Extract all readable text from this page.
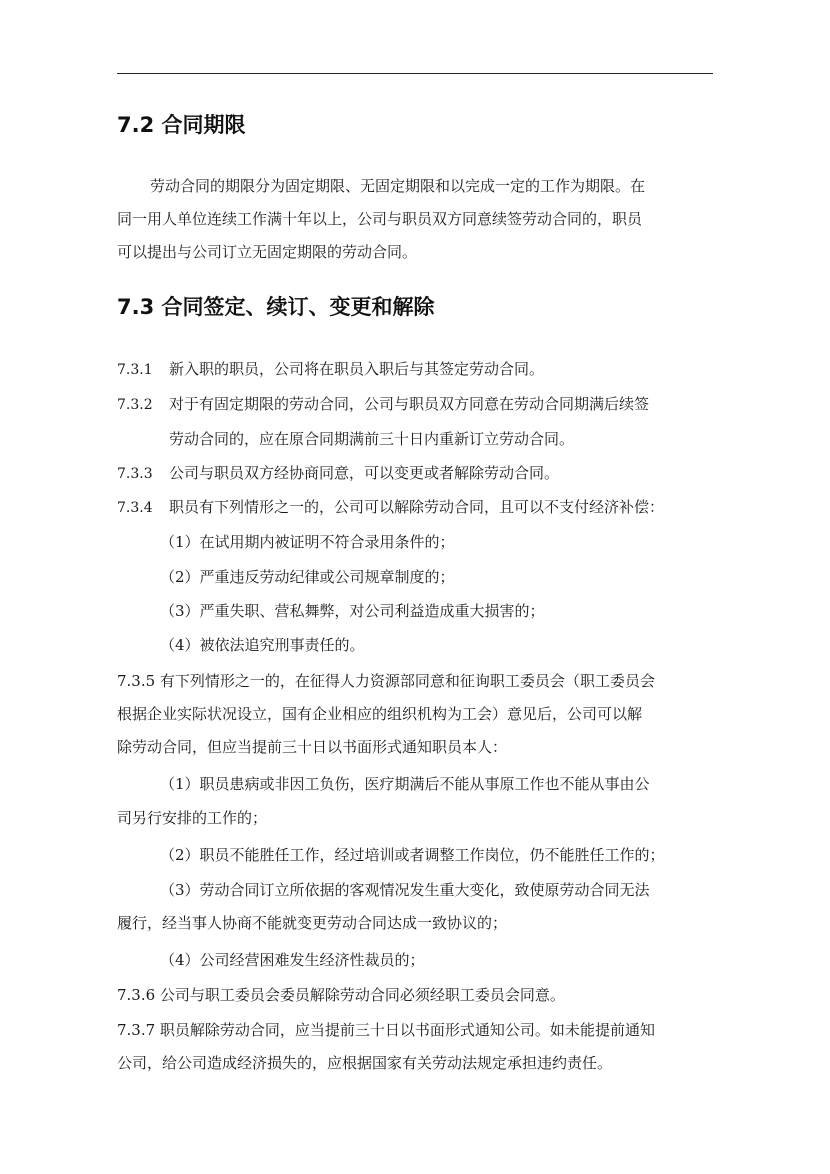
7.2 合同期限

劳动合同的期限分为固定期限、无固定期限和以完成一定的工作为期限。在

同一用人单位连续工作满十年以上，公司与职员双方同意续签劳动合同的，职员

可以提出与公司订立无固定期限的劳动合同。

7.3 合同签定、续订、变更和解除

7.3.1 新入职的职员，公司将在职员入职后与其签定劳动合同。

7.3.2 对于有固定期限的劳动合同，公司与职员双方同意在劳动合同期满后续签

劳动合同的，应在原合同期满前三十日内重新订立劳动合同。

7.3.3 公司与职员双方经协商同意，可以变更或者解除劳动合同。

7.3.4 职员有下列情形之一的，公司可以解除劳动合同，且可以不支付经济补偿：

（1）在试用期内被证明不符合录用条件的；

（2）严重违反劳动纪律或公司规章制度的；

（3）严重失职、营私舞弊，对公司利益造成重大损害的；

（4）被依法追究刑事责任的。

7.3.5 有下列情形之一的，在征得人力资源部同意和征询职工委员会（职工委员会

根据企业实际状况设立，国有企业相应的组织机构为工会）意见后，公司可以解

除劳动合同，但应当提前三十日以书面形式通知职员本人：

（1）职员患病或非因工负伤，医疗期满后不能从事原工作也不能从事由公

司另行安排的工作的；

（2）职员不能胜任工作，经过培训或者调整工作岗位，仍不能胜任工作的；

（3）劳动合同订立所依据的客观情况发生重大变化，致使原劳动合同无法

履行，经当事人协商不能就变更劳动合同达成一致协议的；

（4）公司经营困难发生经济性裁员的；

7.3.6 公司与职工委员会委员解除劳动合同必须经职工委员会同意。

7.3.7 职员解除劳动合同，应当提前三十日以书面形式通知公司。如未能提前通知

公司，给公司造成经济损失的，应根据国家有关劳动法规定承担违约责任。
